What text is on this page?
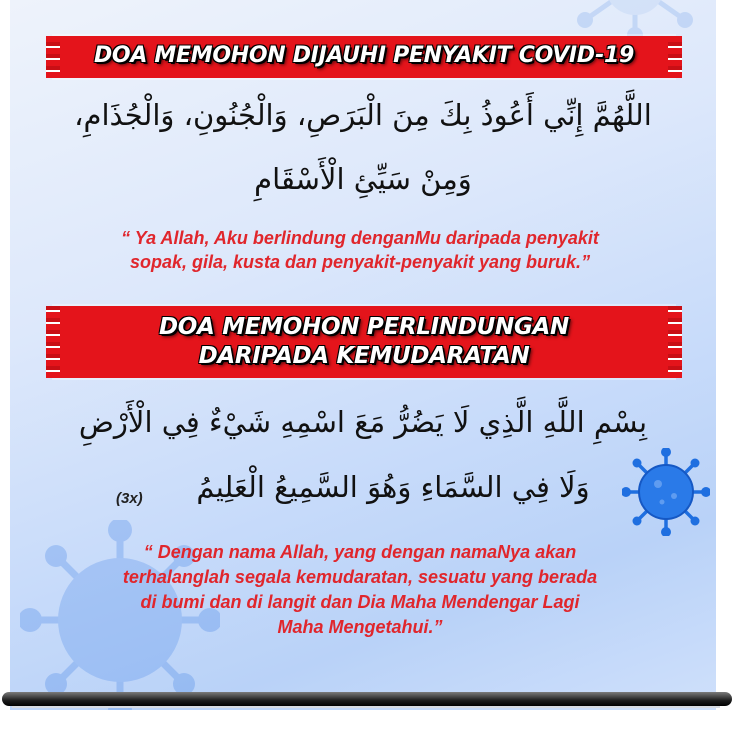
DOA MEMOHON DIJAUHI PENYAKIT COVID-19
اللَّهُمَّ إِنِّي أَعُوذُ بِكَ مِنَ الْبَرَصِ، وَالْجُنُونِ، وَالْجُذَامِ،
وَمِنْ سَيِّئِ الْأَسْقَامِ
“ Ya Allah, Aku berlindung denganMu daripada penyakit
sopak, gila, kusta dan penyakit-penyakit yang buruk.”
DOA MEMOHON PERLINDUNGAN
DARIPADA KEMUDARATAN
بِسْمِ اللَّهِ الَّذِي لَا يَضُرُّ مَعَ اسْمِهِ شَيْءٌ فِي الْأَرْضِ
وَلَا فِي السَّمَاءِ وَهُوَ السَّمِيعُ الْعَلِيمُ
(3x)
“ Dengan nama Allah, yang dengan namaNya akan
terhalanglah segala kemudaratan, sesuatu yang berada
di bumi dan di langit dan Dia Maha Mendengar Lagi
Maha Mengetahui.”
